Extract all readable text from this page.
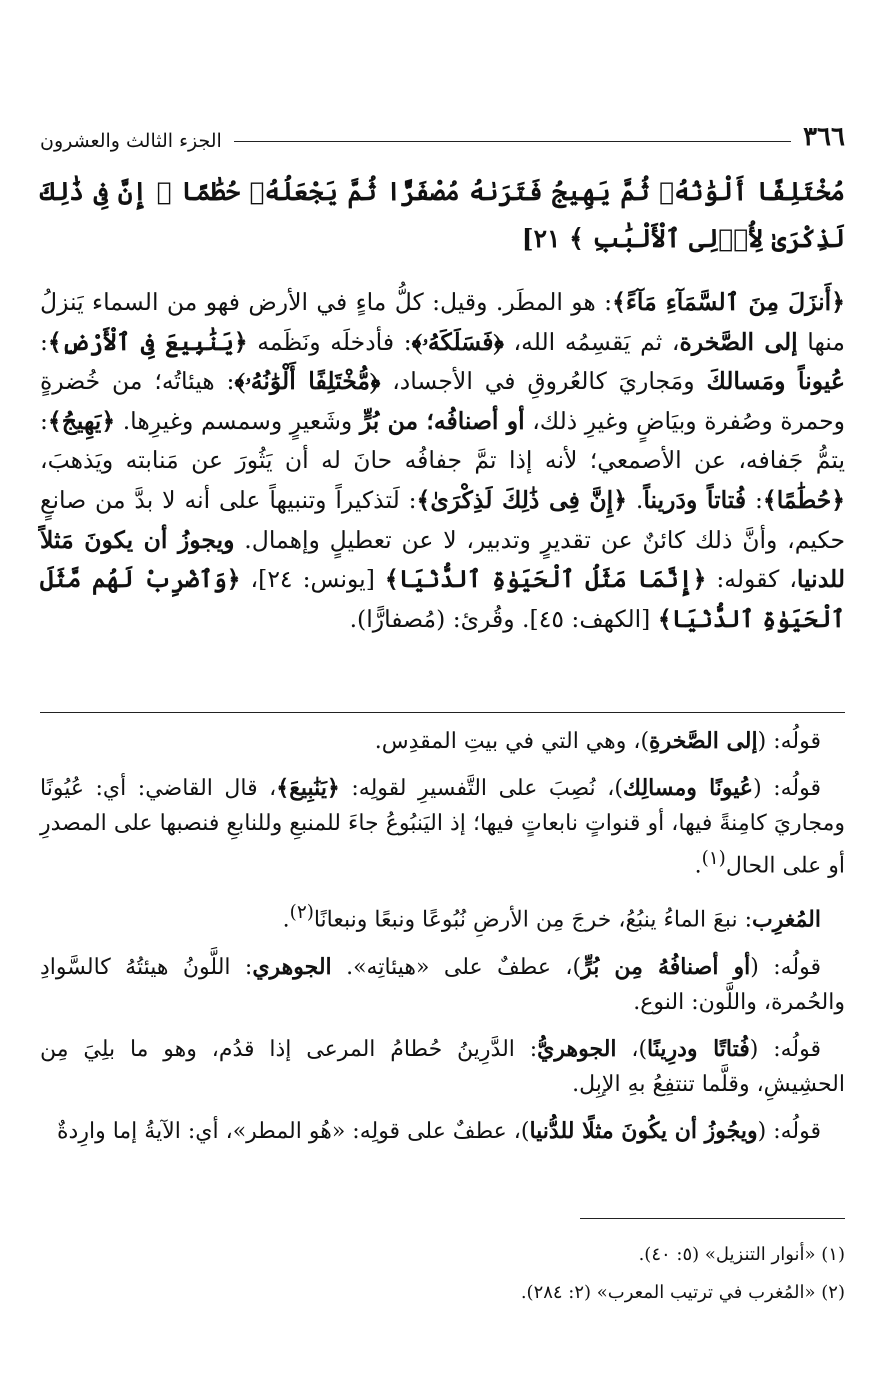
٣٦٦
الجزء الثالث والعشرون
مُخْتَلِفًا أَلْوَٰنُهُۥ ثُمَّ يَهِيجُ فَتَرَىٰهُ مُصْفَرًّا ثُمَّ يَجْعَلُهُۥ حُطَٰمًا ۚ إِنَّ فِى ذَٰلِكَ لَذِكْرَىٰ لِأُو۟لِى ٱلْأَلْبَٰبِ ﴾ ٢١]
﴿أَنزَلَ مِنَ ٱلسَّمَآءِ مَآءً﴾: هو المطَر. وقيل: كلُّ ماءٍ في الأرض فهو من السماء يَنزلُ منها إلى الصَّخرة، ثم يَقسِمُه الله، ﴿فَسَلَكَهُۥ﴾: فأدخلَه ونَظَمه ﴿يَنَٰبِيعَ فِى ٱلْأَرْضِ﴾: عُيوناً ومَسالكَ ومَجاريَ كالعُروقِ في الأجساد، ﴿مُّخْتَلِفًا أَلْوَٰنُهُۥ﴾: هيئاتُه؛ من خُضرةٍ وحمرة وصُفرة وبيَاضٍ وغيرِ ذلك، أو أصنافُه؛ من بُرٍّ وشَعيرٍ وسمسم وغيرِها. ﴿يَهِيجُ﴾: يتمُّ جَفافه، عن الأصمعي؛ لأنه إذا تمَّ جفافُه حانَ له أن يَثُورَ عن مَنابته ويَذهبَ، ﴿حُطَٰمًا﴾: فُتاتاً ودَريناً. ﴿إِنَّ فِى ذَٰلِكَ لَذِكْرَىٰ﴾: لَتذكيراً وتنبيهاً على أنه لا بدَّ من صانعٍ حكيم، وأنَّ ذلك كائنٌ عن تقديرٍ وتدبير، لا عن تعطيلٍ وإهمال. ويجوزُ أن يكونَ مَثلاً للدنيا، كقوله: ﴿إِنَّمَا مَثَلُ ٱلْحَيَوٰةِ ٱلدُّنْيَا﴾ [يونس: ٢٤]، ﴿وَٱضْرِبْ لَهُم مَّثَلَ ٱلْحَيَوٰةِ ٱلدُّنْيَا﴾ [الكهف: ٤٥]. وقُرئ: (مُصفارًّا).

قولُه: (إلى الصَّخرةِ)، وهي التي في بيتِ المقدِس.

قولُه: (عُيونًا ومسالِك)، نُصِبَ على التَّفسيرِ لقولِه: ﴿يَنَٰبِيعَ﴾، قال القاضي: أي: عُيُونًا ومجاريَ كامِنةً فيها، أو قنواتٍ نابعاتٍ فيها؛ إذ اليَنبُوعُ جاءَ للمنبعِ وللنابعِ فنصبها على المصدرِ أو على الحال$^{(١)}$.

المُغرِب: نبعَ الماءُ ينبُعُ، خرجَ مِن الأرضِ نُبُوعًا ونبعًا ونبعانًا$^{(٢)}$.

قولُه: (أو أصنافُهُ مِن بُرٍّ)، عطفٌ على «هيئاتِه». الجوهري: اللَّونُ هيئتُهُ كالسَّوادِ والحُمرة، واللَّون: النوع.

قولُه: (فُتاتًا ودرِينًا)، الجوهريُّ: الدَّرِينُ حُطامُ المرعى إذا قدُم، وهو ما بلِيَ مِن الحشِيشِ، وقلَّما تنتفِعُ بهِ الإبِل.

قولُه: (ويجُوزُ أن يكُونَ مثلًا للدُّنيا)، عطفٌ على قولِه: «هُو المطر»، أي: الآيةُ إما وارِدةٌ

(١) «أنوار التنزيل» (٥: ٤٠).

(٢) «المُغرب في ترتيب المعرب» (٢: ٢٨٤).
